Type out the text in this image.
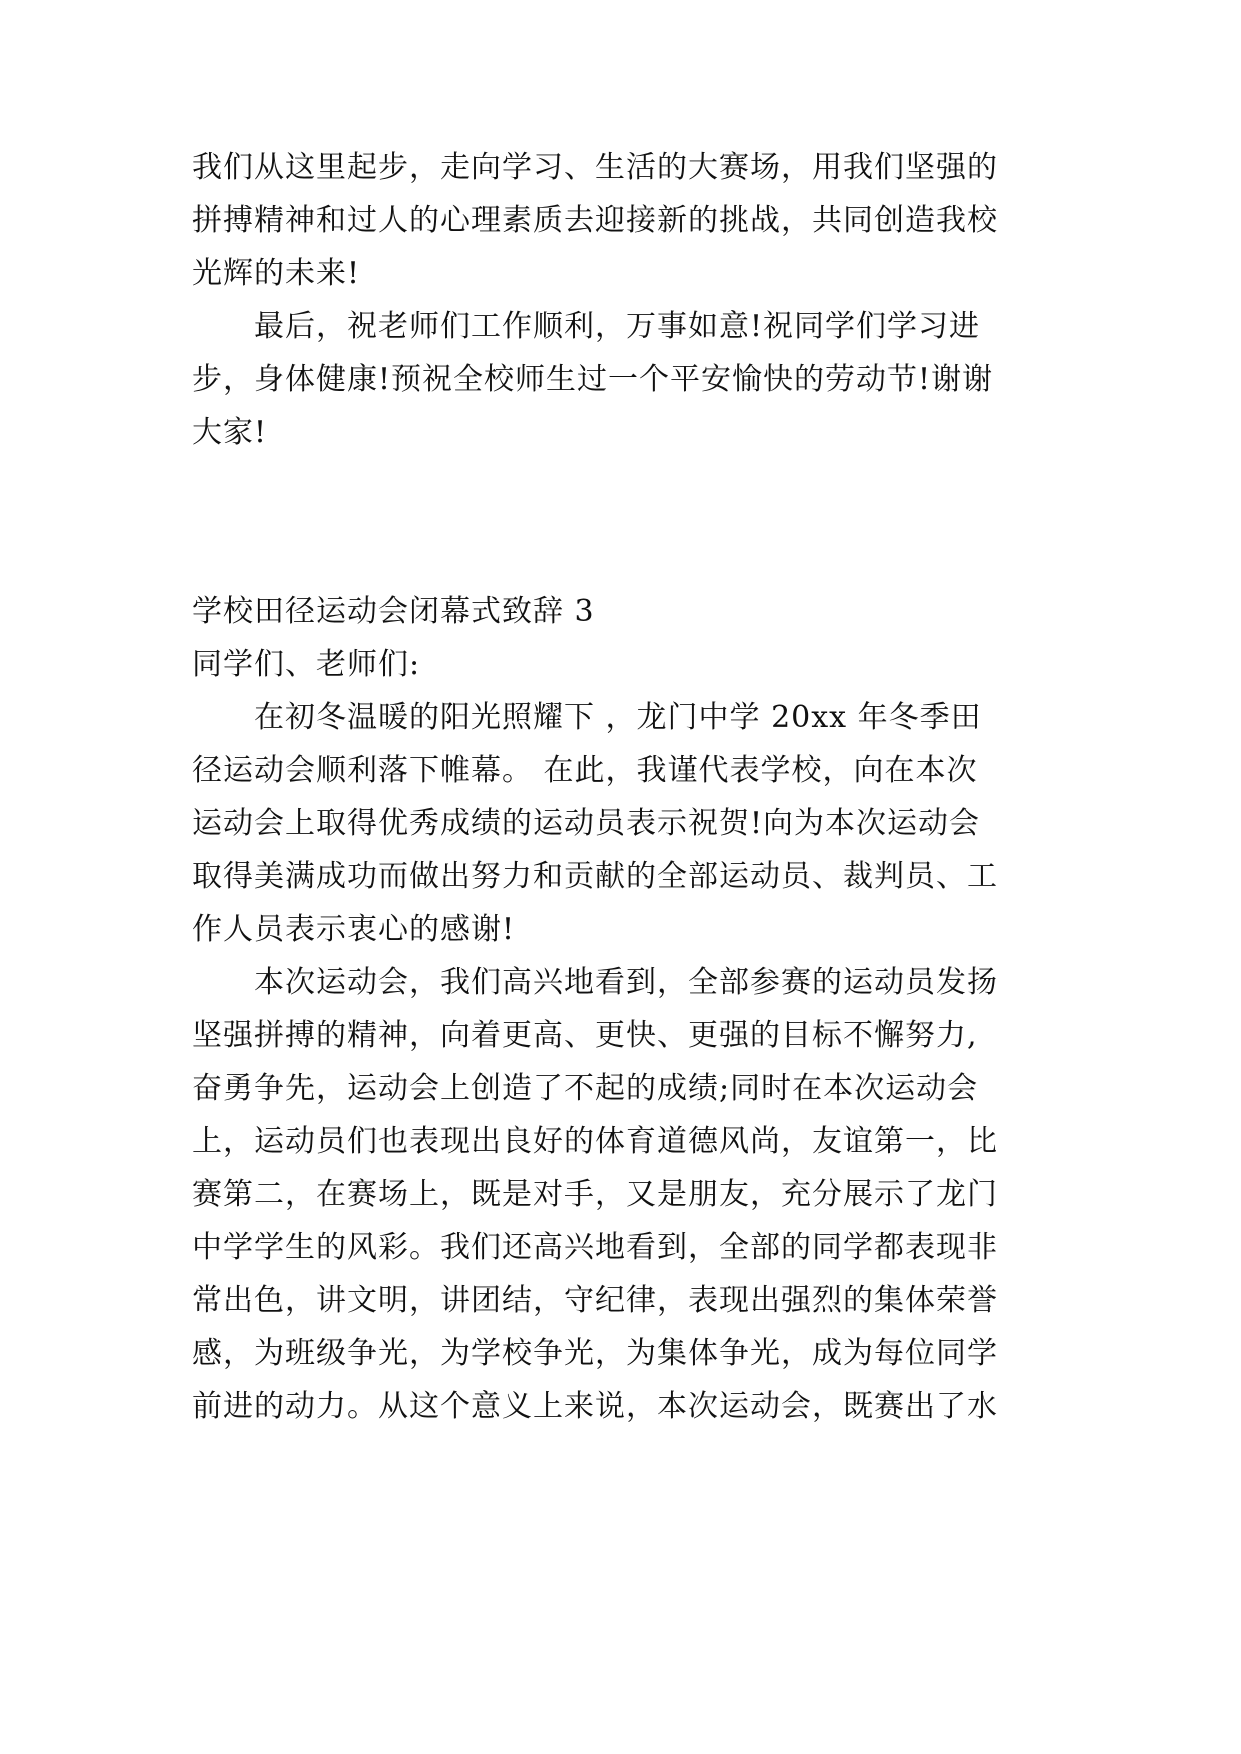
我们从这里起步，走向学习、生活的大赛场，用我们坚强的
拼搏精神和过人的心理素质去迎接新的挑战，共同创造我校
光辉的未来!
最后，祝老师们工作顺利，万事如意!祝同学们学习进
步，身体健康!预祝全校师生过一个平安愉快的劳动节!谢谢
大家!
学校田径运动会闭幕式致辞 3
同学们、老师们:
在初冬温暖的阳光照耀下 ，龙门中学 20xx 年冬季田
径运动会顺利落下帷幕。 在此，我谨代表学校，向在本次
运动会上取得优秀成绩的运动员表示祝贺!向为本次运动会
取得美满成功而做出努力和贡献的全部运动员、裁判员、工
作人员表示衷心的感谢!
本次运动会，我们高兴地看到，全部参赛的运动员发扬
坚强拼搏的精神，向着更高、更快、更强的目标不懈努力,
奋勇争先，运动会上创造了不起的成绩;同时在本次运动会
上，运动员们也表现出良好的体育道德风尚，友谊第一，比
赛第二，在赛场上，既是对手，又是朋友，充分展示了龙门
中学学生的风彩。我们还高兴地看到，全部的同学都表现非
常出色，讲文明，讲团结，守纪律，表现出强烈的集体荣誉
感，为班级争光，为学校争光，为集体争光，成为每位同学
前进的动力。从这个意义上来说，本次运动会，既赛出了水
